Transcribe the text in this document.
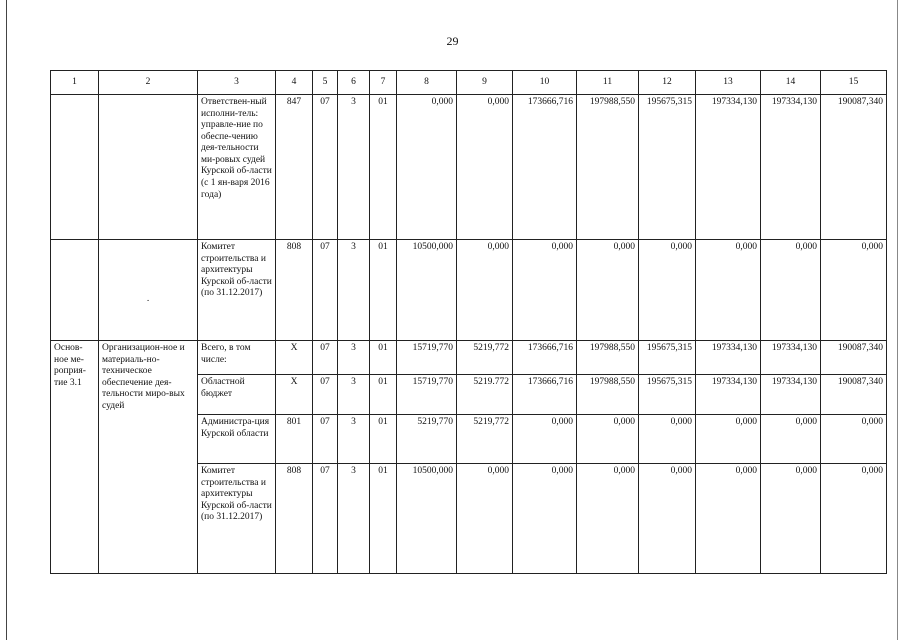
29
1	2	3	4	5	6	7	8	9	10	11	12	13	14	15
		Ответствен-ный исполни-тель: управле-ние по обеспе-чению дея-тельности ми-ровых судей Курской об-ласти (с 1 ян-варя 2016 года)	847	07	3	01	0,000	0,000	173666,716	197988,550	195675,315	197334,130	197334,130	190087,340

	.	Комитет строительства и архитектуры Курской об-ласти (по 31.12.2017)	808	07	3	01	10500,000	0,000	0,000	0,000	0,000	0,000	0,000	0,000
Основ-ное ме-роприя-тие 3.1	Организацион-ное и материаль-но-техническое обеспечение дея-тельности миро-вых судей	Всего, в том числе:	X	07	3	01	15719,770	5219,772	173666,716	197988,550	195675,315	197334,130	197334,130	190087,340
		Областной бюджет	X	07	3	01	15719,770	5219.772	173666,716	197988,550	195675,315	197334,130	197334,130	190087,340
		Администра-ция Курской области	801	07	3	01	5219,770	5219,772	0,000	0,000	0,000	0,000	0,000	0,000
		Комитет строительства и архитектуры Курской об-ласти (по 31.12.2017)	808	07	3	01	10500,000	0,000	0,000	0,000	0,000	0,000	0,000	0,000
